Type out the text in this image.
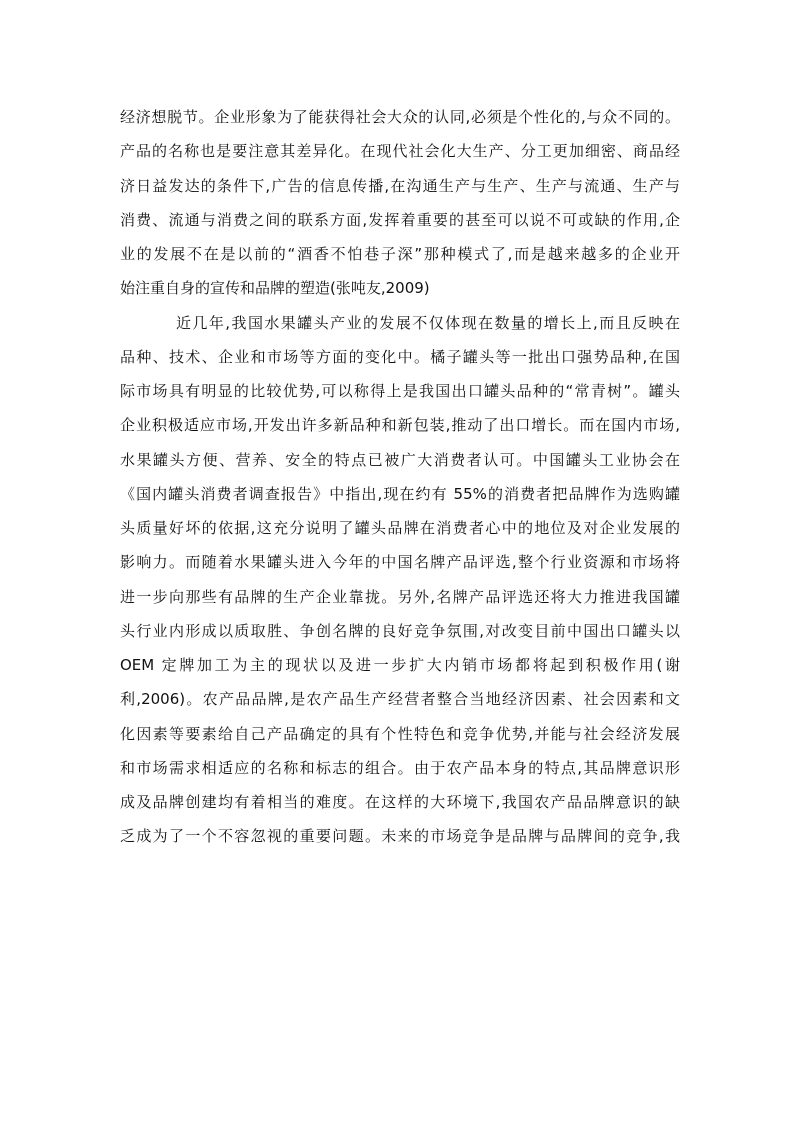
经济想脱节。企业形象为了能获得社会大众的认同,必须是个性化的,与众不同的。
产品的名称也是要注意其差异化。在现代社会化大生产、分工更加细密、商品经
济日益发达的条件下,广告的信息传播,在沟通生产与生产、生产与流通、生产与
消费、流通与消费之间的联系方面,发挥着重要的甚至可以说不可或缺的作用,企
业的发展不在是以前的“酒香不怕巷子深”那种模式了,而是越来越多的企业开
始注重自身的宣传和品牌的塑造(张吨友,2009)
近几年,我国水果罐头产业的发展不仅体现在数量的增长上,而且反映在
品种、技术、企业和市场等方面的变化中。橘子罐头等一批出口强势品种,在国
际市场具有明显的比较优势,可以称得上是我国出口罐头品种的“常青树”。罐头
企业积极适应市场,开发出许多新品种和新包装,推动了出口增长。而在国内市场,
水果罐头方便、营养、安全的特点已被广大消费者认可。中国罐头工业协会在
《国内罐头消费者调查报告》中指出,现在约有 55%的消费者把品牌作为选购罐
头质量好坏的依据,这充分说明了罐头品牌在消费者心中的地位及对企业发展的
影响力。而随着水果罐头进入今年的中国名牌产品评选,整个行业资源和市场将
进一步向那些有品牌的生产企业靠拢。另外,名牌产品评选还将大力推进我国罐
头行业内形成以质取胜、争创名牌的良好竞争氛围,对改变目前中国出口罐头以
OEM 定牌加工为主的现状以及进一步扩大内销市场都将起到积极作用(谢
利,2006)。农产品品牌,是农产品生产经营者整合当地经济因素、社会因素和文
化因素等要素给自己产品确定的具有个性特色和竞争优势,并能与社会经济发展
和市场需求相适应的名称和标志的组合。由于农产品本身的特点,其品牌意识形
成及品牌创建均有着相当的难度。在这样的大环境下,我国农产品品牌意识的缺
乏成为了一个不容忽视的重要问题。未来的市场竞争是品牌与品牌间的竞争,我
